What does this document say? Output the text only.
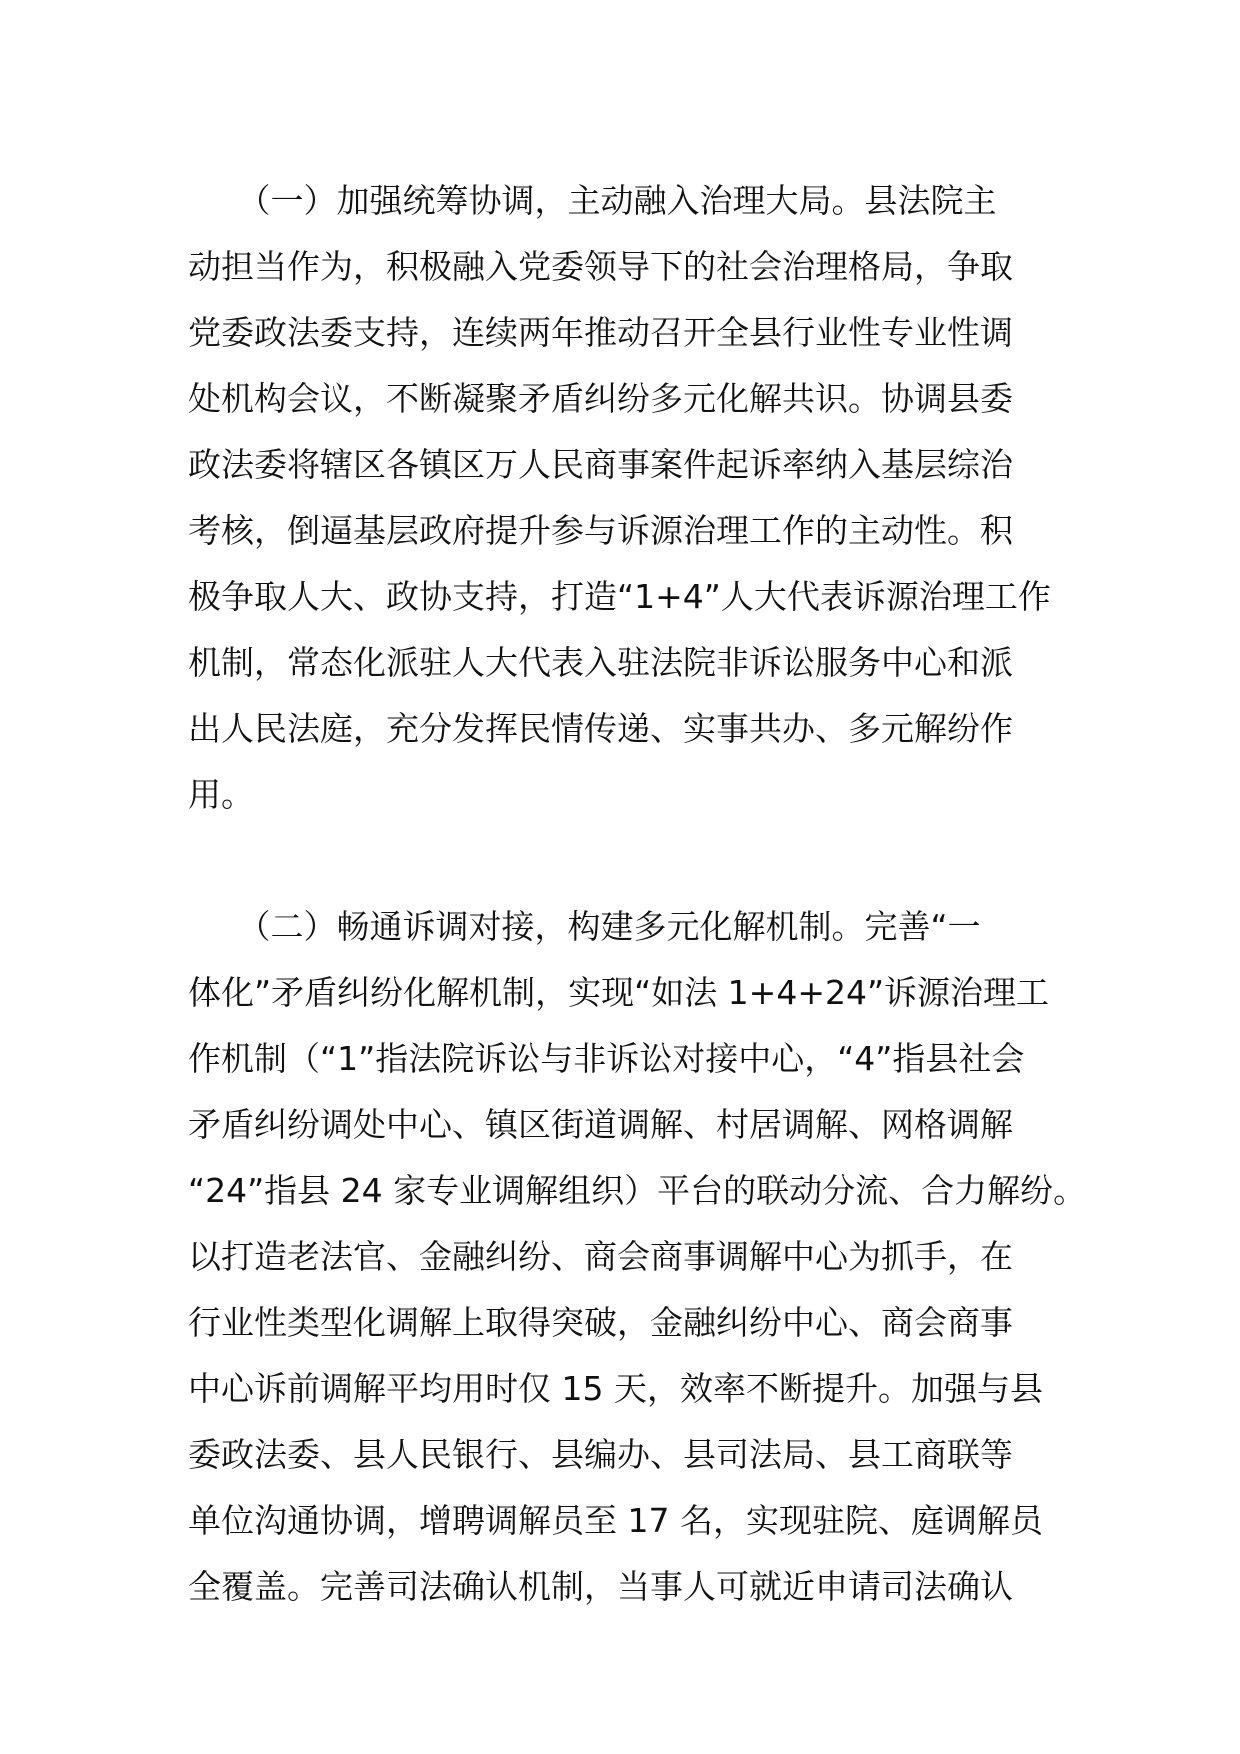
　　（一）加强统筹协调，主动融入治理大局。县法院主
动担当作为，积极融入党委领导下的社会治理格局，争取
党委政法委支持，连续两年推动召开全县行业性专业性调
处机构会议，不断凝聚矛盾纠纷多元化解共识。协调县委
政法委将辖区各镇区万人民商事案件起诉率纳入基层综治
考核，倒逼基层政府提升参与诉源治理工作的主动性。积
极争取人大、政协支持，打造“1+4”人大代表诉源治理工作
机制，常态化派驻人大代表入驻法院非诉讼服务中心和派
出人民法庭，充分发挥民情传递、实事共办、多元解纷作
用。
　　（二）畅通诉调对接，构建多元化解机制。完善“一
体化”矛盾纠纷化解机制，实现“如法 1+4+24”诉源治理工
作机制（“1”指法院诉讼与非诉讼对接中心，“4”指县社会
矛盾纠纷调处中心、镇区街道调解、村居调解、网格调解
“24”指县 24 家专业调解组织）平台的联动分流、合力解纷。
以打造老法官、金融纠纷、商会商事调解中心为抓手，在
行业性类型化调解上取得突破，金融纠纷中心、商会商事
中心诉前调解平均用时仅 15 天，效率不断提升。加强与县
委政法委、县人民银行、县编办、县司法局、县工商联等
单位沟通协调，增聘调解员至 17 名，实现驻院、庭调解员
全覆盖。完善司法确认机制，当事人可就近申请司法确认
